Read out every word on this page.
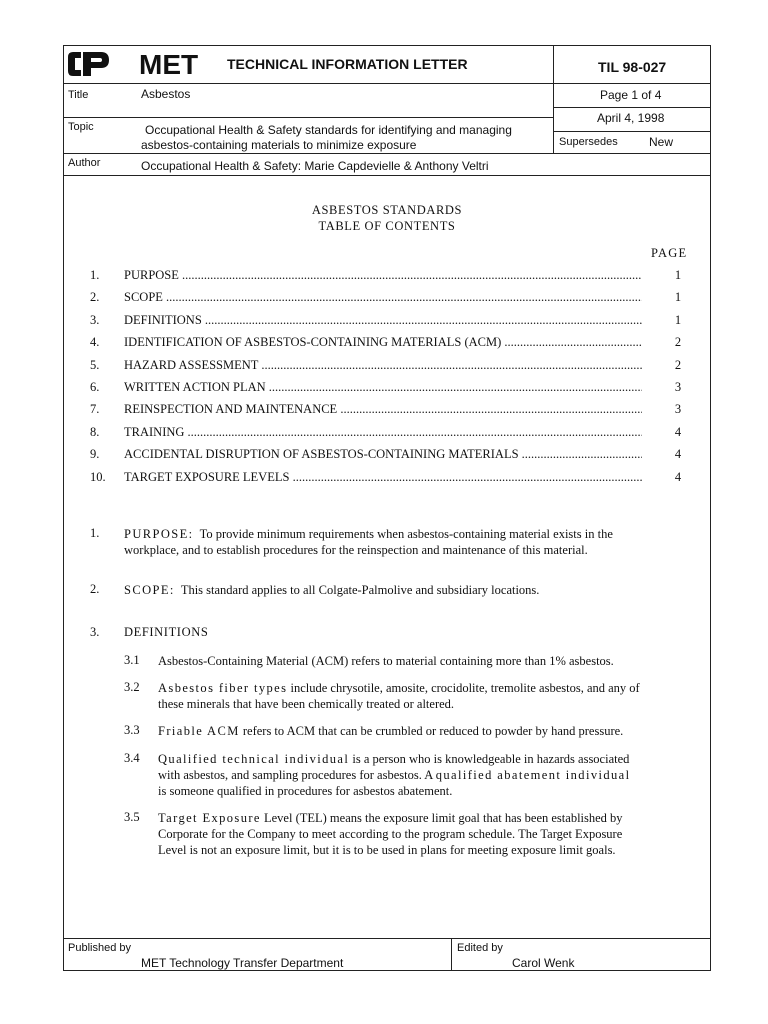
MET TECHNICAL INFORMATION LETTER	TIL 98-027
Title	Asbestos	Page 1 of 4
Topic	Occupational Health & Safety standards for identifying and managing
asbestos-containing materials to minimize exposure
April 4, 1998
Supersedes	New
Author	Occupational Health & Safety: Marie Capdevielle & Anthony Veltri
ASBESTOS STANDARDS
TABLE OF CONTENTS
PAGE
1. PURPOSE .....	1
2. SCOPE .....	1
3. DEFINITIONS .....	1
4. IDENTIFICATION OF ASBESTOS-CONTAINING MATERIALS (ACM) .....	2
5. HAZARD ASSESSMENT .....	2
6. WRITTEN ACTION PLAN .....	3
7. REINSPECTION AND MAINTENANCE .....	3
8. TRAINING .....	4
9. ACCIDENTAL DISRUPTION OF ASBESTOS-CONTAINING MATERIALS .....	4
10. TARGET EXPOSURE LEVELS .....	4
1. PURPOSE: To provide minimum requirements when asbestos-containing material exists in the
workplace, and to establish procedures for the reinspection and maintenance of this material.
2. SCOPE: This standard applies to all Colgate-Palmolive and subsidiary locations.
3. DEFINITIONS
3.1 Asbestos-Containing Material (ACM) refers to material containing more than 1% asbestos.
3.2 Asbestos fiber types include chrysotile, amosite, crocidolite, tremolite asbestos, and any of
these minerals that have been chemically treated or altered.
3.3 Friable ACM refers to ACM that can be crumbled or reduced to powder by hand pressure.
3.4 Qualified technical individual is a person who is knowledgeable in hazards associated
with asbestos, and sampling procedures for asbestos. A qualified abatement individual
is someone qualified in procedures for asbestos abatement.
3.5 Target Exposure Level (TEL) means the exposure limit goal that has been established by
Corporate for the Company to meet according to the program schedule. The Target Exposure
Level is not an exposure limit, but it is to be used in plans for meeting exposure limit goals.
Published by
MET Technology Transfer Department
Edited by
Carol Wenk
